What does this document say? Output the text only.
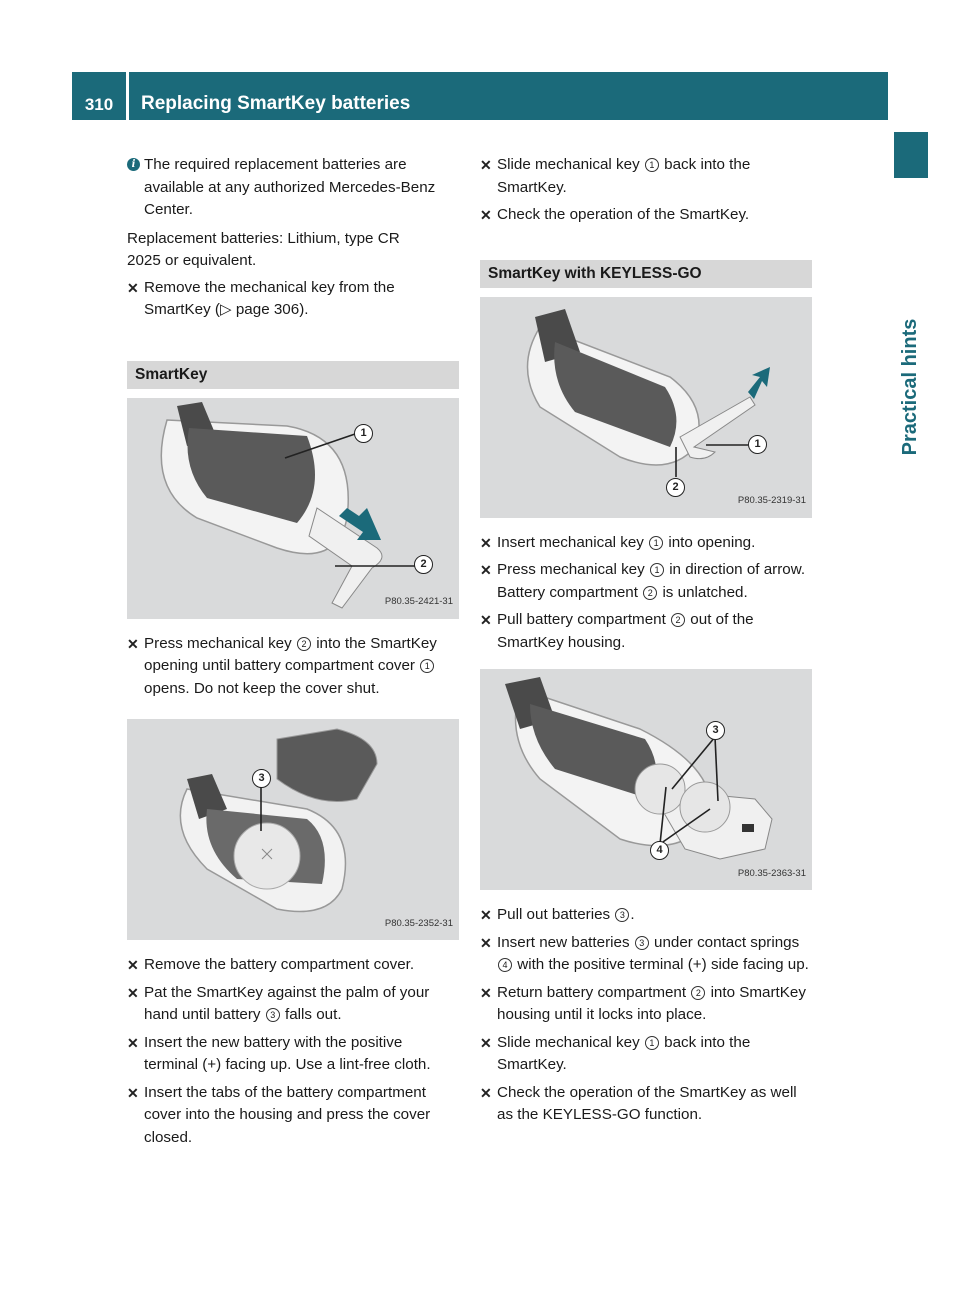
310	Replacing SmartKey batteries
Practical hints
i The required replacement batteries are available at any authorized Mercedes-Benz Center.
Replacement batteries: Lithium, type CR 2025 or equivalent.
✕ Remove the mechanical key from the SmartKey (▷ page 306).
SmartKey
1
2
P80.35-2421-31
✕ Press mechanical key 2 into the SmartKey opening until battery compartment cover 1 opens. Do not keep the cover shut.
3
P80.35-2352-31
✕ Remove the battery compartment cover.
✕ Pat the SmartKey against the palm of your hand until battery 3 falls out.
✕ Insert the new battery with the positive terminal (+) facing up. Use a lint-free cloth.
✕ Insert the tabs of the battery compartment cover into the housing and press the cover closed.
✕ Slide mechanical key 1 back into the SmartKey.
✕ Check the operation of the SmartKey.
SmartKey with KEYLESS-GO
1
2
P80.35-2319-31
✕ Insert mechanical key 1 into opening.
✕ Press mechanical key 1 in direction of arrow.
Battery compartment 2 is unlatched.
✕ Pull battery compartment 2 out of the SmartKey housing.
3
4
P80.35-2363-31
✕ Pull out batteries 3 .
✕ Insert new batteries 3 under contact springs 4 with the positive terminal (+) side facing up.
✕ Return battery compartment 2 into SmartKey housing until it locks into place.
✕ Slide mechanical key 1 back into the SmartKey.
✕ Check the operation of the SmartKey as well as the KEYLESS-GO function.
